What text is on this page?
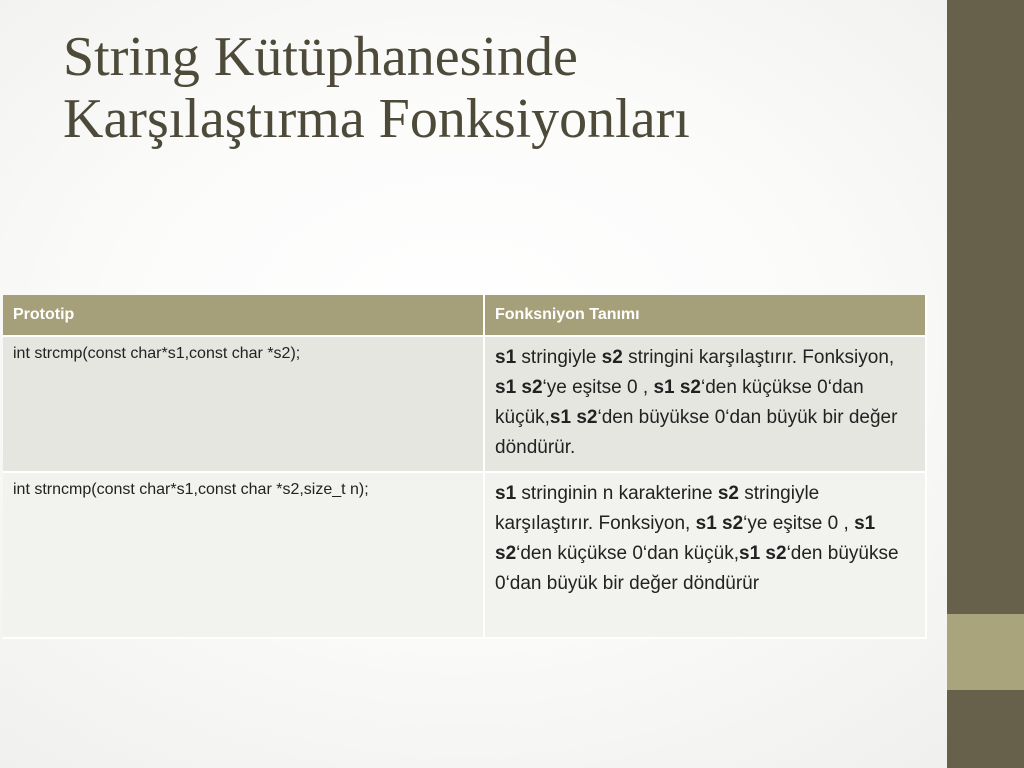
String Kütüphanesinde
Karşılaştırma Fonksiyonları
Prototip	Fonksniyon Tanımı
int strcmp(const char*s1,const char *s2);	s1 stringiyle s2 stringini karşılaştırır. Fonksiyon, s1 s2‘ye eşitse 0 , s1 s2‘den küçükse 0‘dan küçük,s1 s2‘den büyükse 0‘dan büyük bir değer döndürür.
int strncmp(const char*s1,const char *s2,size_t n);	s1 stringinin n karakterine s2 stringiyle karşılaştırır. Fonksiyon, s1 s2‘ye eşitse 0 , s1 s2‘den küçükse 0‘dan küçük,s1 s2‘den büyükse 0‘dan büyük bir değer döndürür
